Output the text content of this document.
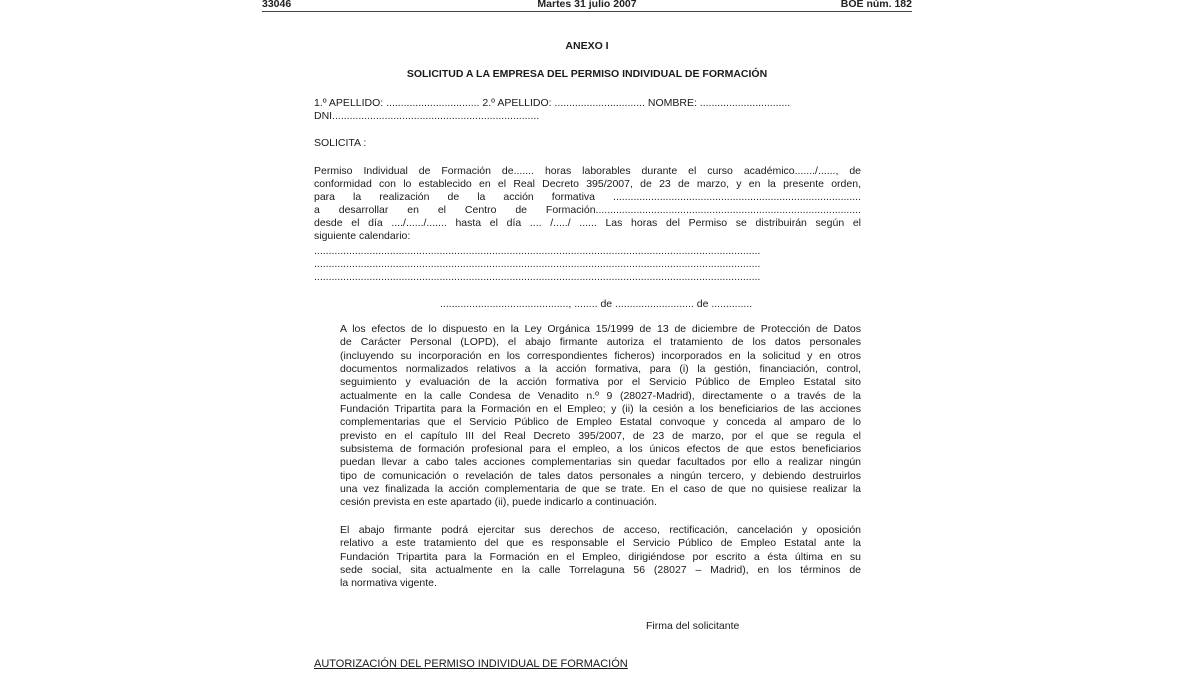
33046	Martes 31 julio 2007	BOE núm. 182
ANEXO I
SOLICITUD A LA EMPRESA DEL PERMISO INDIVIDUAL DE FORMACIÓN
1.º APELLIDO: ................................ 2.º APELLIDO: ............................... NOMBRE: ...............................
DNI.......................................................................
SOLICITA :
Permiso Individual de Formación de....... horas laborables durante el curso académico......./......, de
conformidad con lo establecido en el Real Decreto 395/2007, de 23 de marzo, y en la presente orden,
para la realización de la acción formativa .....................................................................................
a desarrollar en el Centro de Formación...........................................................................................
desde el día ..../....../....... hasta el día .... /...../ ...... Las horas del Permiso se distribuirán según el
siguiente calendario:
.........................................................................................................................................................
.........................................................................................................................................................
.........................................................................................................................................................
............................................, ........ de ........................... de ..............
A los efectos de lo dispuesto en la Ley Orgánica 15/1999 de 13 de diciembre de Protección de Datos
de Carácter Personal (LOPD), el abajo firmante autoriza el tratamiento de los datos personales
(incluyendo su incorporación en los correspondientes ficheros) incorporados en la solicitud y en otros
documentos normalizados relativos a la acción formativa, para (i) la gestión, financiación, control,
seguimiento y evaluación de la acción formativa por el Servicio Público de Empleo Estatal sito
actualmente en la calle Condesa de Venadito n.º 9 (28027-Madrid), directamente o a través de la
Fundación Tripartita para la Formación en el Empleo; y (ii) la cesión a los beneficiarios de las acciones
complementarias que el Servicio Público de Empleo Estatal convoque y conceda al amparo de lo
previsto en el capítulo III del Real Decreto 395/2007, de 23 de marzo, por el que se regula el
subsistema de formación profesional para el empleo, a los únicos efectos de que estos beneficiarios
puedan llevar a cabo tales acciones complementarias sin quedar facultados por ello a realizar ningún
tipo de comunicación o revelación de tales datos personales a ningún tercero, y debiendo destruirlos
una vez finalizada la acción complementaria de que se trate. En el caso de que no quisiese realizar la
cesión prevista en este apartado (ii), puede indicarlo a continuación.
El abajo firmante podrá ejercitar sus derechos de acceso, rectificación, cancelación y oposición
relativo a este tratamiento del que es responsable el Servicio Público de Empleo Estatal ante la
Fundación Tripartita para la Formación en el Empleo, dirigiéndose por escrito a ésta última en su
sede social, sita actualmente en la calle Torrelaguna 56 (28027 – Madrid), en los términos de
la normativa vigente.
Firma del solicitante
AUTORIZACIÓN DEL PERMISO INDIVIDUAL DE FORMACIÓN
